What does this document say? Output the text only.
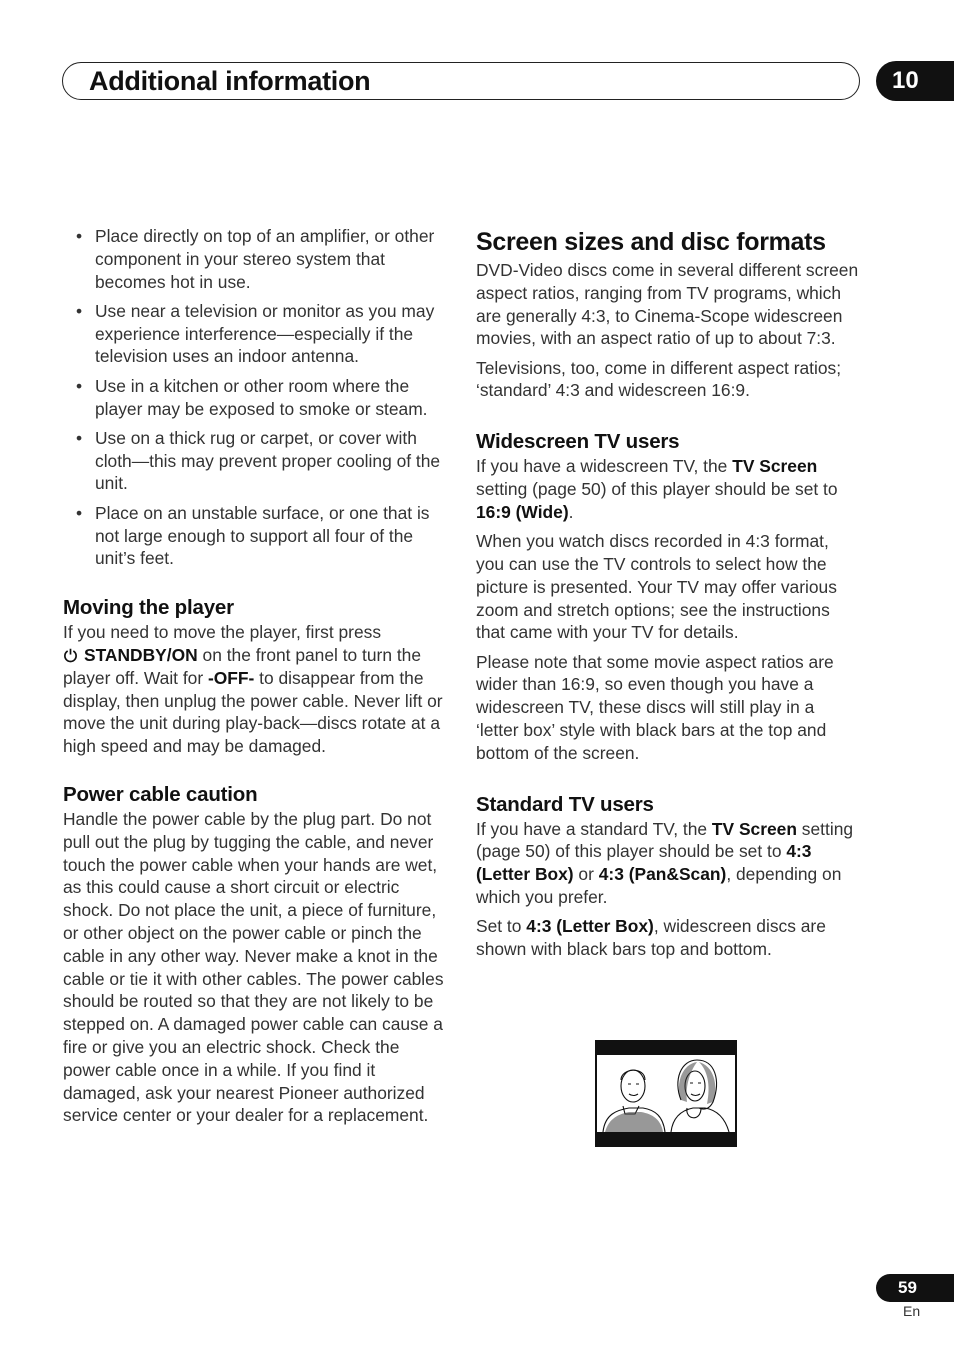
Additional information	10
• Place directly on top of an amplifier, or other component in your stereo system that becomes hot in use.
• Use near a television or monitor as you may experience interference—especially if the television uses an indoor antenna.
• Use in a kitchen or other room where the player may be exposed to smoke or steam.
• Use on a thick rug or carpet, or cover with cloth—this may prevent proper cooling of the unit.
• Place on an unstable surface, or one that is not large enough to support all four of the unit’s feet.
Moving the player

If you need to move the player, first press
STANDBY/ON on the front panel to turn the player off. Wait for -OFF- to disappear from the display, then unplug the power cable. Never lift or move the unit during play-back—discs rotate at a high speed and may be damaged.

Power cable caution

Handle the power cable by the plug part. Do not pull out the plug by tugging the cable, and never touch the power cable when your hands are wet, as this could cause a short circuit or electric shock. Do not place the unit, a piece of furniture, or other object on the power cable or pinch the cable in any other way. Never make a knot in the cable or tie it with other cables. The power cables should be routed so that they are not likely to be stepped on. A damaged power cable can cause a fire or give you an electric shock. Check the power cable once in a while. If you find it damaged, ask your nearest Pioneer authorized service center or your dealer for a replacement.

Screen sizes and disc formats

DVD-Video discs come in several different screen aspect ratios, ranging from TV programs, which are generally 4:3, to Cinema-Scope widescreen movies, with an aspect ratio of up to about 7:3.

Televisions, too, come in different aspect ratios; ‘standard’ 4:3 and widescreen 16:9.

Widescreen TV users

If you have a widescreen TV, the TV Screen setting (page 50) of this player should be set to 16:9 (Wide).

When you watch discs recorded in 4:3 format, you can use the TV controls to select how the picture is presented. Your TV may offer various zoom and stretch options; see the instructions that came with your TV for details.

Please note that some movie aspect ratios are wider than 16:9, so even though you have a widescreen TV, these discs will still play in a ‘letter box’ style with black bars at the top and bottom of the screen.

Standard TV users

If you have a standard TV, the TV Screen setting (page 50) of this player should be set to 4:3 (Letter Box) or 4:3 (Pan&Scan), depending on which you prefer.

Set to 4:3 (Letter Box), widescreen discs are shown with black bars top and bottom.

59
En
